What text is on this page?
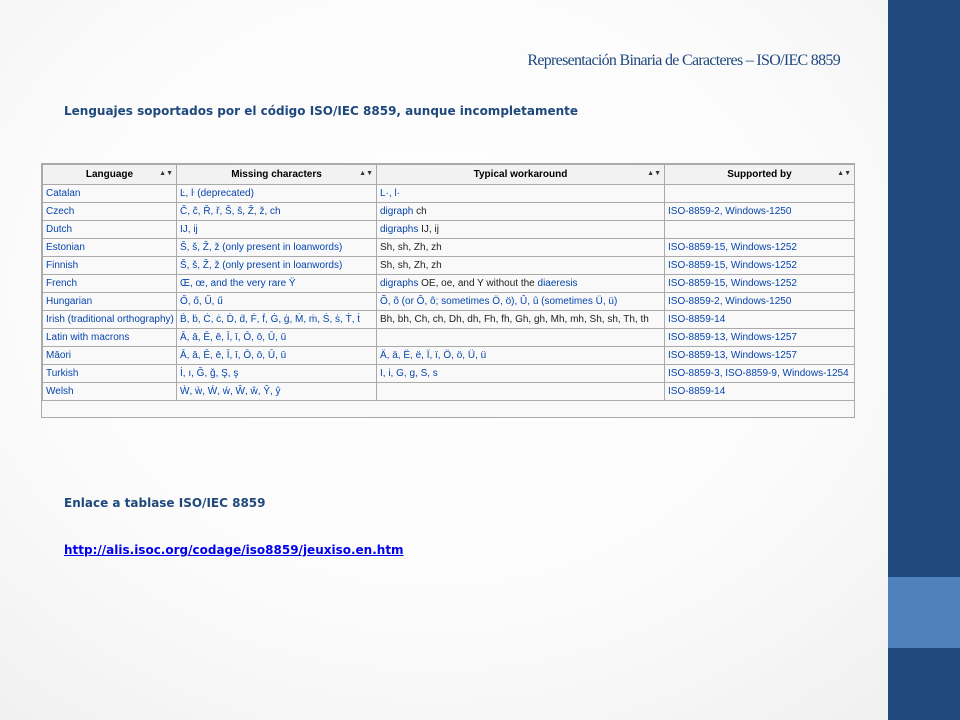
Representación Binaria de Caracteres – ISO/IEC 8859
Lenguajes soportados por el código ISO/IEC 8859, aunque incompletamente
Language ▲▼	Missing characters ▲▼	Typical workaround ▲▼	Supported by ▲▼

Catalan	Ŀ, ŀ (deprecated)	L·, l·	
Czech	Č, č, Ř, ř, Š, š, Ž, ž, ch	digraph ch	ISO-8859-2, Windows-1250
Dutch	IJ, ij	digraphs IJ, ij	
Estonian	Š, š, Ž, ž (only present in loanwords)	Sh, sh, Zh, zh	ISO-8859-15, Windows-1252
Finnish	Š, š, Ž, ž (only present in loanwords)	Sh, sh, Zh, zh	ISO-8859-15, Windows-1252
French	Œ, œ, and the very rare Ÿ	digraphs OE, oe, and Y without the diaeresis	ISO-8859-15, Windows-1252
Hungarian	Ő, ő, Ű, ű	Õ, õ (or Ô, ô; sometimes Ö, ö), Û, û (sometimes Ü, ü)	ISO-8859-2, Windows-1250
Irish (traditional orthography)	Ḃ, ḃ, Ċ, ċ, Ḋ, ḋ, Ḟ, ḟ, Ġ, ġ, Ṁ, ṁ, Ṡ, ṡ, Ṫ, ṫ	Bh, bh, Ch, ch, Dh, dh, Fh, fh, Gh, gh, Mh, mh, Sh, sh, Th, th	ISO-8859-14
Latin with macrons	Ā, ā, Ē, ē, Ī, ī, Ō, ō, Ū, ū		ISO-8859-13, Windows-1257
Māori	Ā, ā, Ē, ē, Ī, ī, Ō, ō, Ū, ū	Ä, ä, Ë, ë, Ï, ï, Ö, ö, Ü, ü	ISO-8859-13, Windows-1257
Turkish	İ, ı, Ğ, ğ, Ş, ş	I, i, G, g, S, s	ISO-8859-3, ISO-8859-9, Windows-1254
Welsh	Ẁ, ẁ, Ẃ, ẃ, Ŵ, ŵ, Ŷ, ŷ		ISO-8859-14
Enlace a tablase ISO/IEC 8859
http://alis.isoc.org/codage/iso8859/jeuxiso.en.htm
